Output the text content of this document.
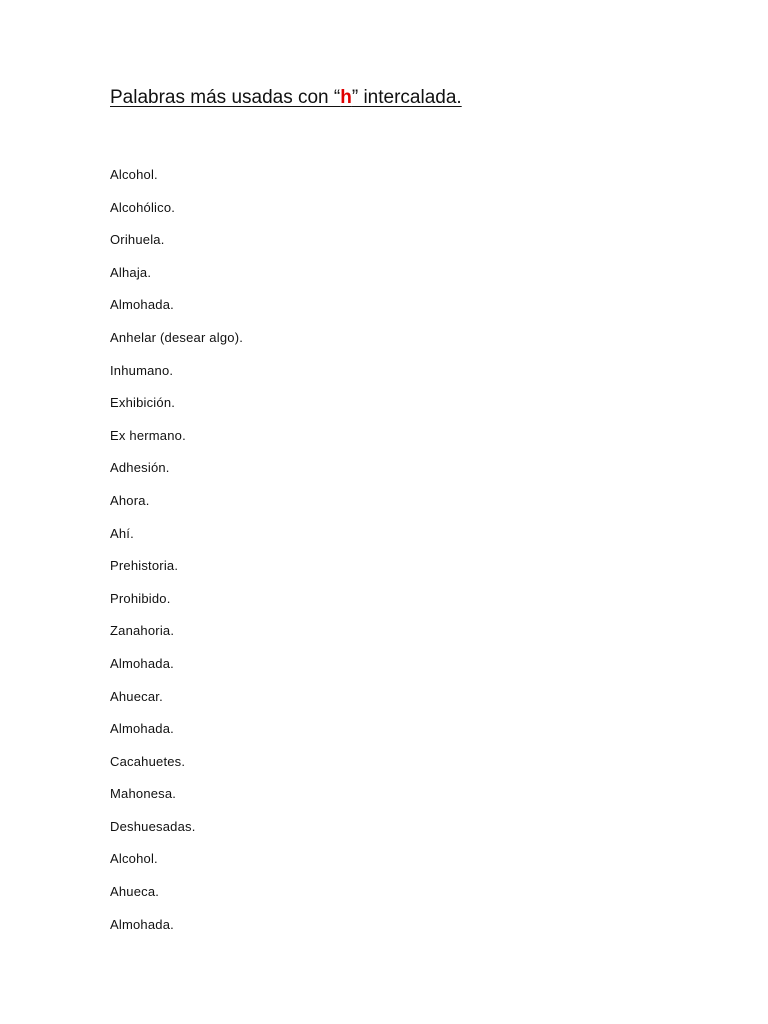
Palabras más usadas con “h” intercalada.
Alcohol.
Alcohólico.
Orihuela.
Alhaja.
Almohada.
Anhelar (desear algo).
Inhumano.
Exhibición.
Ex hermano.
Adhesión.
Ahora.
Ahí.
Prehistoria.
Prohibido.
Zanahoria.
Almohada.
Ahuecar.
Almohada.
Cacahuetes.
Mahonesa.
Deshuesadas.
Alcohol.
Ahueca.
Almohada.
